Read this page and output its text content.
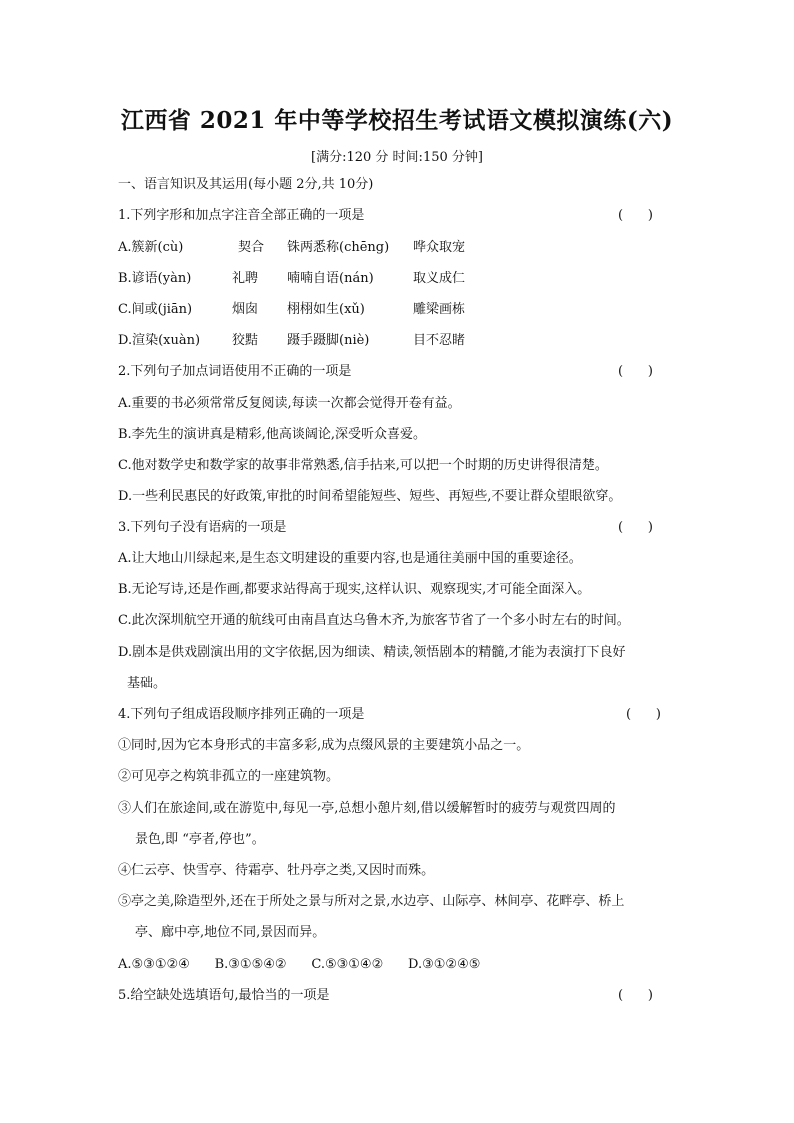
江西省 2021 年中等学校招生考试语文模拟演练(六)
[满分:120 分 时间:150 分钟]
一、语言知识及其运用(每小题 2分,共 10分)
1.下列字形和加点字注音全部正确的一项是	(      )
A.簇新(cù)	契合 铢两悉称(chēng) 哗众取宠
B.谚语(yàn)	礼聘 喃喃自语(nán)	取义成仁
C.间或(jiān)	烟囱 栩栩如生(xǔ)	雕梁画栋
D.渲染(xuàn) 狡黠 蹑手蹑脚(niè)	目不忍睹
2.下列句子加点词语使用不正确的一项是	(      )
A.重要的书必须常常反复阅读,每读一次都会觉得开卷有益。
B.李先生的演讲真是精彩,他高谈阔论,深受听众喜爱。
C.他对数学史和数学家的故事非常熟悉,信手拈来,可以把一个时期的历史讲得很清楚。
D.一些利民惠民的好政策,审批的时间希望能短些、短些、再短些,不要让群众望眼欲穿。
3.下列句子没有语病的一项是	(      )
A.让大地山川绿起来,是生态文明建设的重要内容,也是通往美丽中国的重要途径。
B.无论写诗,还是作画,都要求站得高于现实,这样认识、观察现实,才可能全面深入。
C.此次深圳航空开通的航线可由南昌直达乌鲁木齐,为旅客节省了一个多小时左右的时间。
D.剧本是供戏剧演出用的文字依据,因为细读、精读,领悟剧本的精髓,才能为表演打下良好
基础。
4.下列句子组成语段顺序排列正确的一项是	(      )
①同时,因为它本身形式的丰富多彩,成为点缀风景的主要建筑小品之一。
②可见亭之构筑非孤立的一座建筑物。
③人们在旅途间,或在游览中,每见一亭,总想小憩片刻,借以缓解暂时的疲劳与观赏四周的
景色,即 “亭者,停也”。
④仁云亭、快雪亭、待霜亭、牡丹亭之类,又因时而殊。
⑤亭之美,除造型外,还在于所处之景与所对之景,水边亭、山际亭、林间亭、花畔亭、桥上
亭、廊中亭,地位不同,景因而异。
A.⑤③①②④      B.③①⑤④②      C.⑤③①④②      D.③①②④⑤
5.给空缺处选填语句,最恰当的一项是	(      )
